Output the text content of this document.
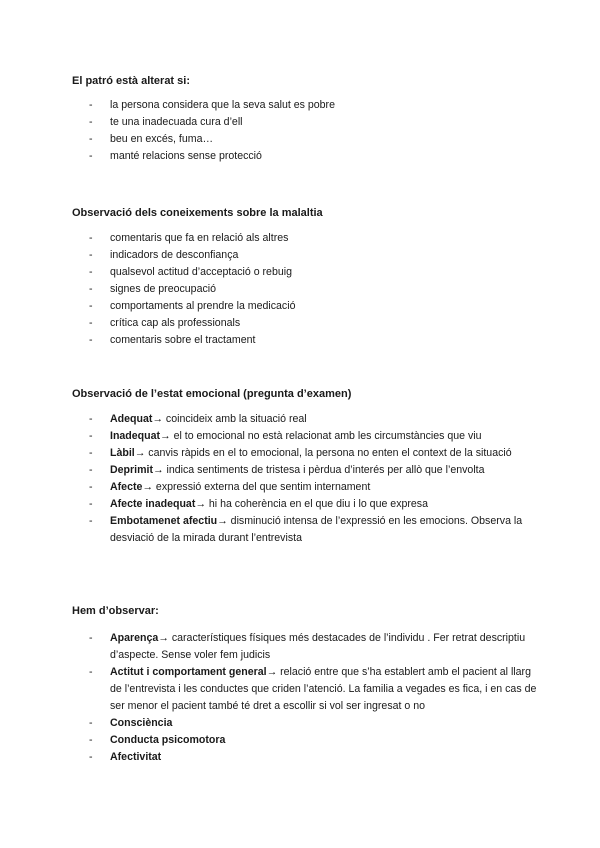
El patró està alterat si:

- la persona considera que la seva salut es pobre
- te una inadecuada cura d’ell
- beu en excés, fuma…
- manté relacions sense protecció

Observació dels coneixements sobre la malaltia

- comentaris que fa en relació als altres
- indicadors de desconfiança
- qualsevol actitud d’acceptació o rebuig
- signes de preocupació
- comportaments al prendre la medicació
- crítica cap als professionals
- comentaris sobre el tractament

Observació de l’estat emocional (pregunta d’examen)

- Adequat→ coincideix amb la situació real
- Inadequat→ el to emocional no està relacionat amb les circumstàncies que viu
- Làbil→ canvis ràpids en el to emocional, la persona no enten el context de la situació
- Deprimit→ indica sentiments de tristesa i pèrdua d’interés per allò que l’envolta
- Afecte→ expressió externa del que sentim internament
- Afecte inadequat→ hi ha coherència en el que diu i lo que expresa
- Embotamenet afectiu→ disminució intensa de l’expressió en les emocions. Observa la desviació de la mirada durant l’entrevista

Hem d’observar:

- Aparença→ característiques físiques més destacades de l’individu . Fer retrat descriptiu d’aspecte. Sense voler fem judicis
- Actitut i comportament general→ relació entre que s’ha establert amb el pacient al llarg de l’entrevista i les conductes que criden l’atenció. La familia a vegades es fica, i en cas de ser menor el pacient també té dret a escollir si vol ser ingresat o no
- Consciència
- Conducta psicomotora
- Afectivitat
